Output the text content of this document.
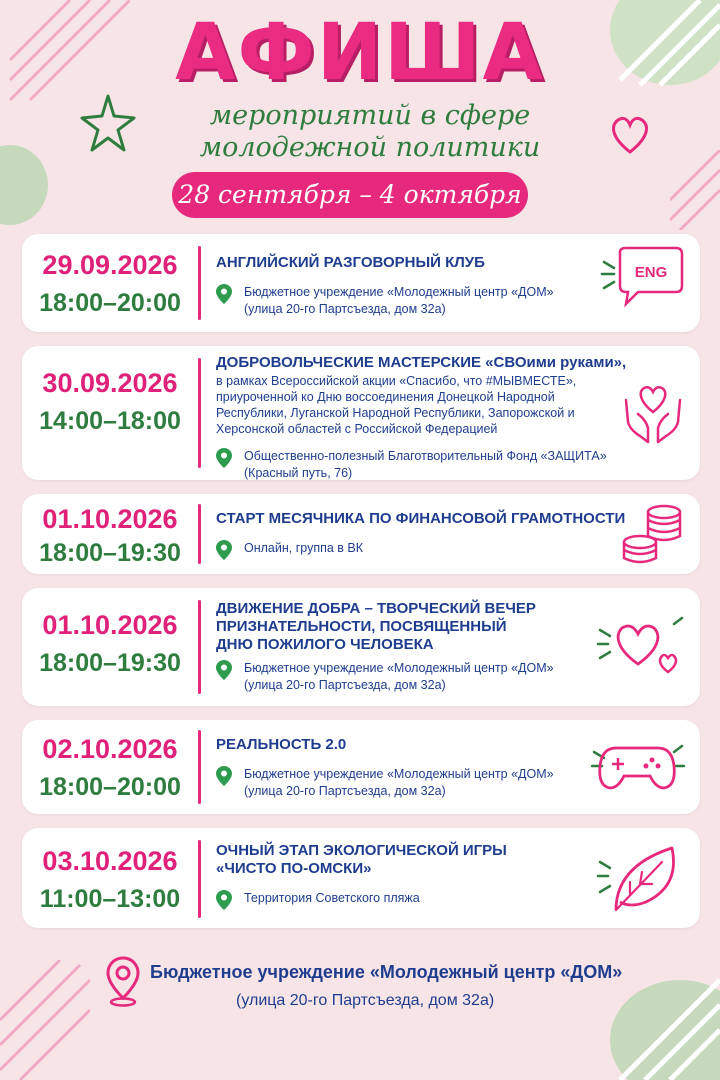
АФИША
мероприятий в сфере
молодежной политики
28 сентября – 4 октября
29.09.2026
18:00–20:00
АНГЛИЙСКИЙ РАЗГОВОРНЫЙ КЛУБ
Бюджетное учреждение «Молодежный центр «ДОМ»
(улица 20-го Партсъезда, дом 32а)
ENG
30.09.2026
14:00–18:00
ДОБРОВОЛЬЧЕСКИЕ МАСТЕРСКИЕ «СВОими руками»,
в рамках Всероссийской акции «Спасибо, что #МЫВМЕСТЕ», приуроченной ко Дню воссоединения Донецкой Народной Республики, Луганской Народной Республики, Запорожской и Херсонской областей с Российской Федерацией
Общественно-полезный Благотворительный Фонд «ЗАЩИТА»
(Красный путь, 76)
01.10.2026
18:00–19:30
СТАРТ МЕСЯЧНИКА ПО ФИНАНСОВОЙ ГРАМОТНОСТИ
Онлайн, группа в ВК
01.10.2026
18:00–19:30
ДВИЖЕНИЕ ДОБРА – ТВОРЧЕСКИЙ ВЕЧЕР
ПРИЗНАТЕЛЬНОСТИ, ПОСВЯЩЕННЫЙ
ДНЮ ПОЖИЛОГО ЧЕЛОВЕКА
Бюджетное учреждение «Молодежный центр «ДОМ»
(улица 20-го Партсъезда, дом 32а)
02.10.2026
18:00–20:00
РЕАЛЬНОСТЬ 2.0
Бюджетное учреждение «Молодежный центр «ДОМ»
(улица 20-го Партсъезда, дом 32а)
03.10.2026
11:00–13:00
ОЧНЫЙ ЭТАП ЭКОЛОГИЧЕСКОЙ ИГРЫ
«ЧИСТО ПО-ОМСКИ»
Территория Советского пляжа
Бюджетное учреждение «Молодежный центр «ДОМ»
(улица 20-го Партсъезда, дом 32а)
